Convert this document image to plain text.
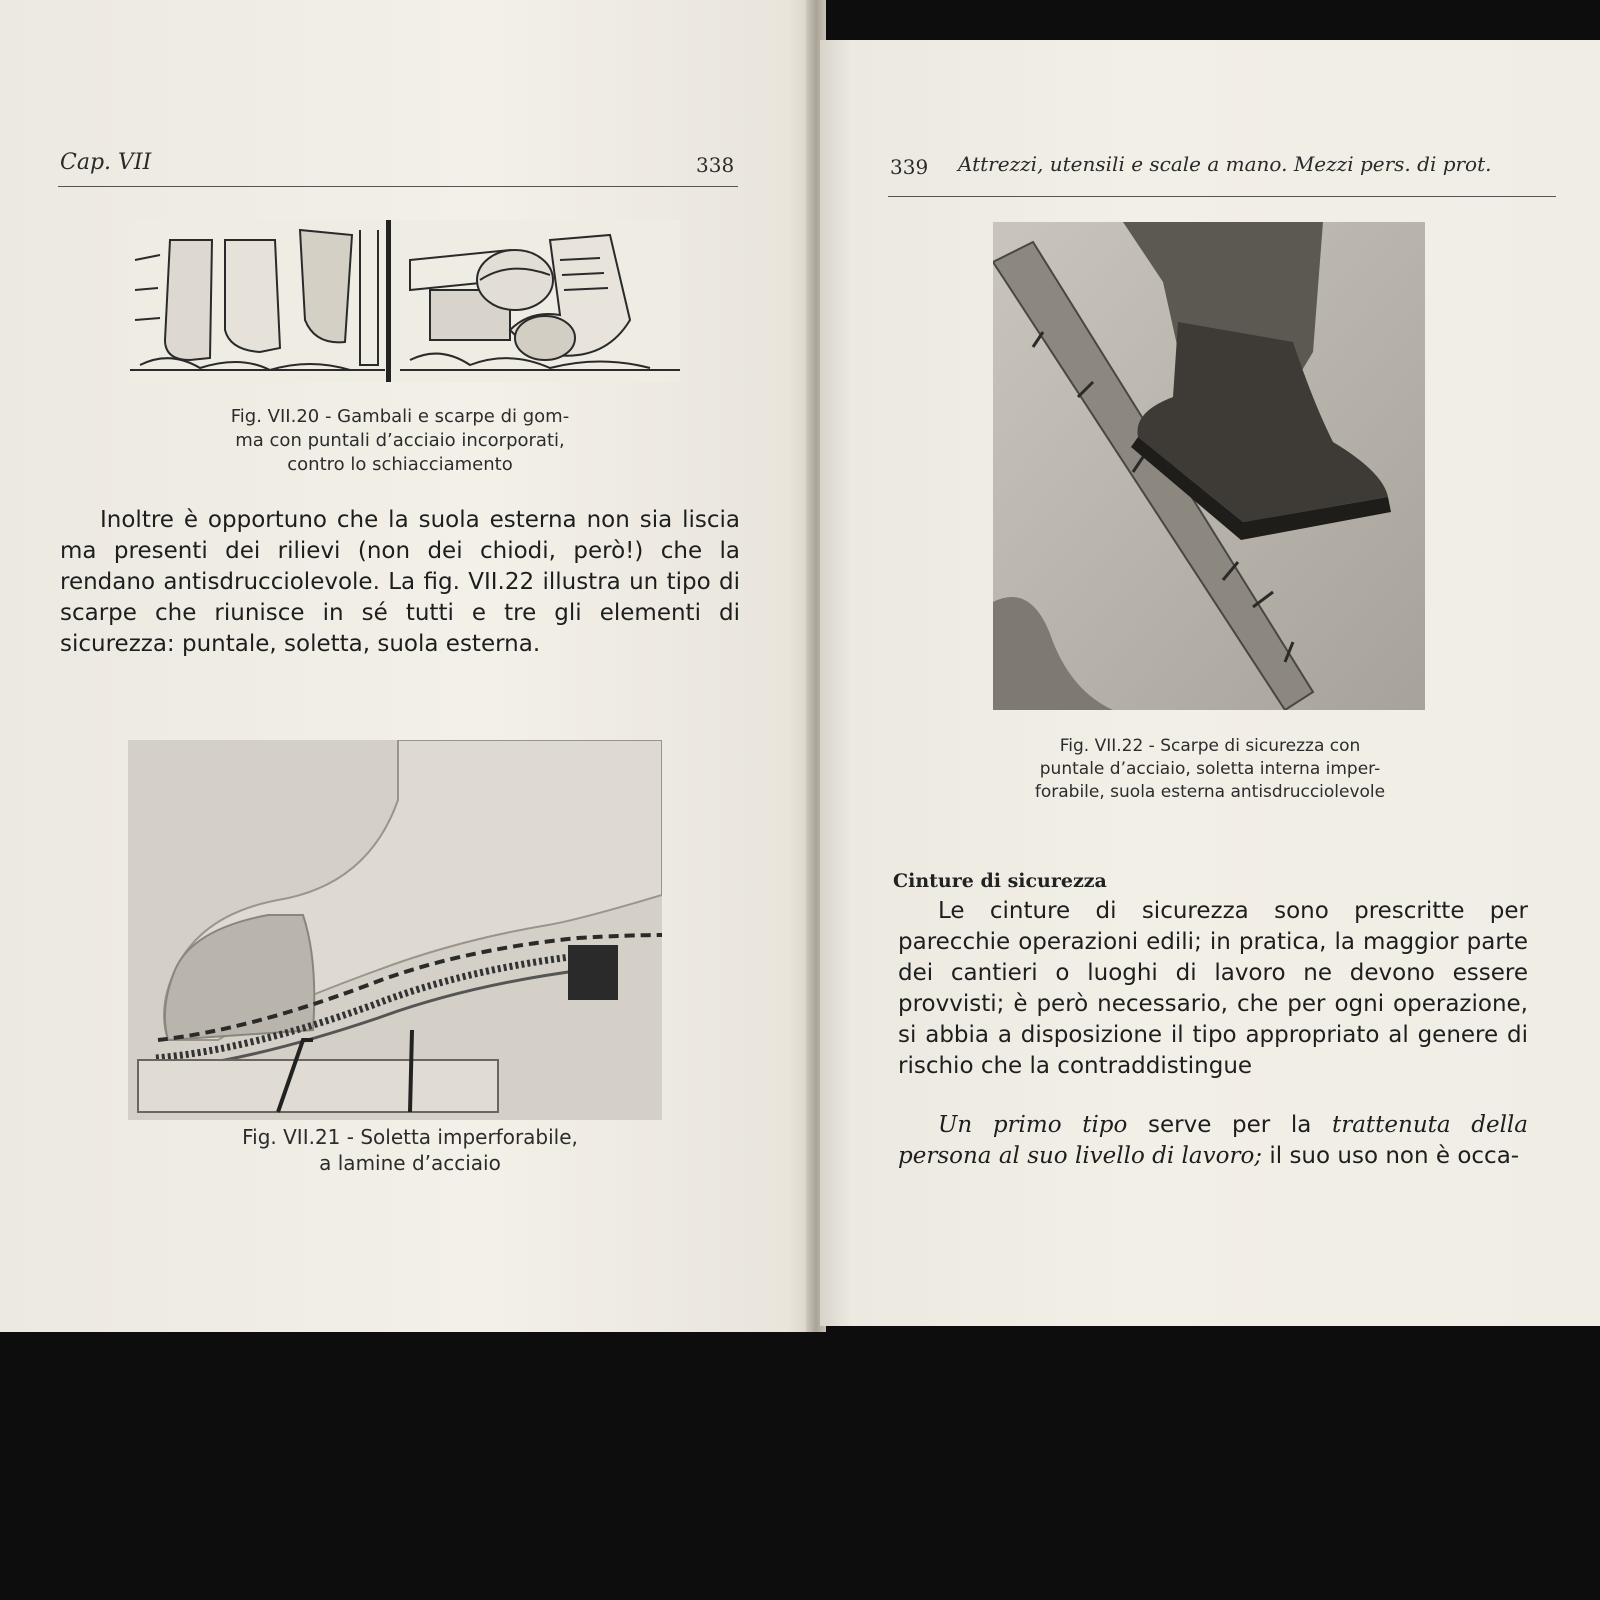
Cap. VII	338
Fig. VII.20 - Gambali e scarpe di gom-
ma con puntali d’acciaio incorporati,
contro lo schiacciamento
Inoltre è opportuno che la suola esterna non sia liscia ma presenti dei rilievi (non dei chiodi, però!) che la rendano antisdrucciolevole. La fig. VII.22 illustra un tipo di scarpe che riunisce in sé tutti e tre gli elementi di sicurezza: puntale, soletta, suola esterna.
Fig. VII.21 - Soletta imperforabile,
a lamine d’acciaio
339 Attrezzi, utensili e scale a mano. Mezzi pers. di prot.
Fig. VII.22 - Scarpe di sicurezza con
puntale d’acciaio, soletta interna imper-
forabile, suola esterna antisdrucciolevole
Cinture di sicurezza
Le cinture di sicurezza sono prescritte per parecchie operazioni edili; in pratica, la maggior parte dei cantieri o luoghi di lavoro ne devono essere provvisti; è però necessario, che per ogni operazione, si abbia a disposizione il tipo appropriato al genere di rischio che la contraddistingue
Un primo tipo serve per la trattenuta della persona al suo livello di lavoro; il suo uso non è occa-
